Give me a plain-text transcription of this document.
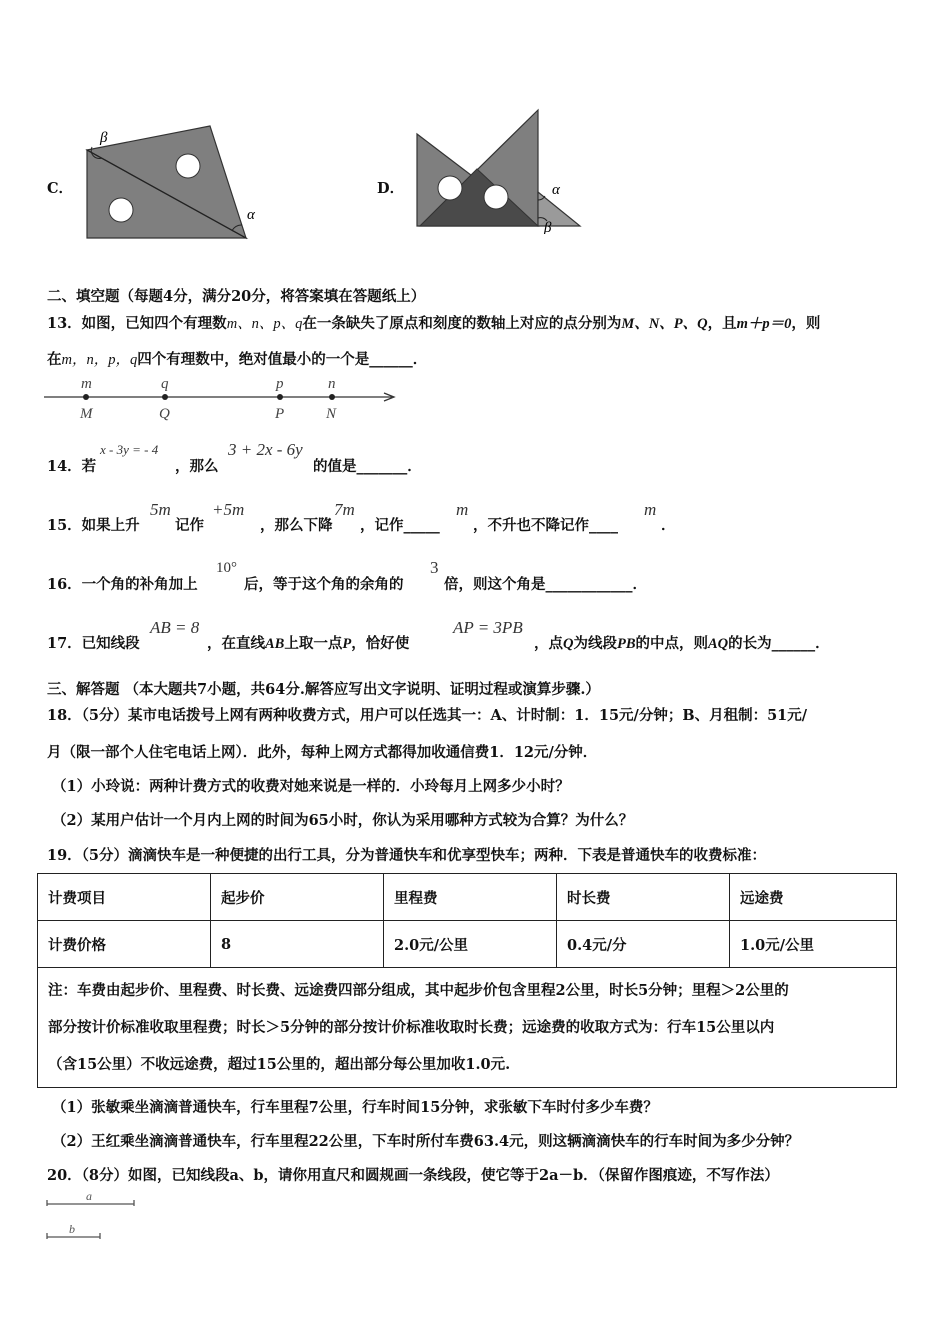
C．
β
α
D．	α
β
二、填空题（每题4分，满分20分，将答案填在答题纸上）
13．如图，已知四个有理数m、n、p、q在一条缺失了原点和刻度的数轴上对应的点分别为M、N、P、Q，且m＋p＝0，则
在m，n，p，q四个有理数中，绝对值最小的一个是______．
m	q	p	n
M	Q	P	N
14．若
x - 3y = - 4
，那么
3 + 2x - 6y
的值是_______．
15．如果上升
5m
记作
+5m
，那么下降
7m
，记作_____
m
，不升也不降记作____
m
．
16．一个角的补角加上
10°
后，等于这个角的余角的
3
倍，则这个角是____________．
17．已知线段
AB = 8
，在直线AB上取一点P，恰好使
AP = 3PB
，点Q为线段PB的中点，则AQ的长为______．
三、解答题 （本大题共7小题，共64分.解答应写出文字说明、证明过程或演算步骤.）
18．（5分）某市电话拨号上网有两种收费方式，用户可以任选其一：A、计时制：1．15元/分钟；B、月租制：51元/
月（限一部个人住宅电话上网）．此外，每种上网方式都得加收通信费1．12元/分钟．
（1）小玲说：两种计费方式的收费对她来说是一样的．小玲每月上网多少小时？
（2）某用户估计一个月内上网的时间为65小时，你认为采用哪种方式较为合算？为什么？
19．（5分）滴滴快车是一种便捷的出行工具，分为普通快车和优享型快车；两种．下表是普通快车的收费标准：
计费项目	起步价	里程费	时长费	远途费
计费价格	8	2.0元/公里	0.4元/分	1.0元/公里

注：车费由起步价、里程费、时长费、远途费四部分组成，其中起步价包含里程2公里，时长5分钟；里程＞2公里的
部分按计价标准收取里程费；时长＞5分钟的部分按计价标准收取时长费；远途费的收取方式为：行车15公里以内
（含15公里）不收远途费，超过15公里的，超出部分每公里加收1.0元.				
（1）张敏乘坐滴滴普通快车，行车里程7公里，行车时间15分钟，求张敏下车时付多少车费？
（2）王红乘坐滴滴普通快车，行车里程22公里，下车时所付车费63.4元，则这辆滴滴快车的行车时间为多少分钟？
20．（8分）如图，已知线段a、b，请你用直尺和圆规画一条线段，使它等于2a－b．（保留作图痕迹，不写作法）
a
b
